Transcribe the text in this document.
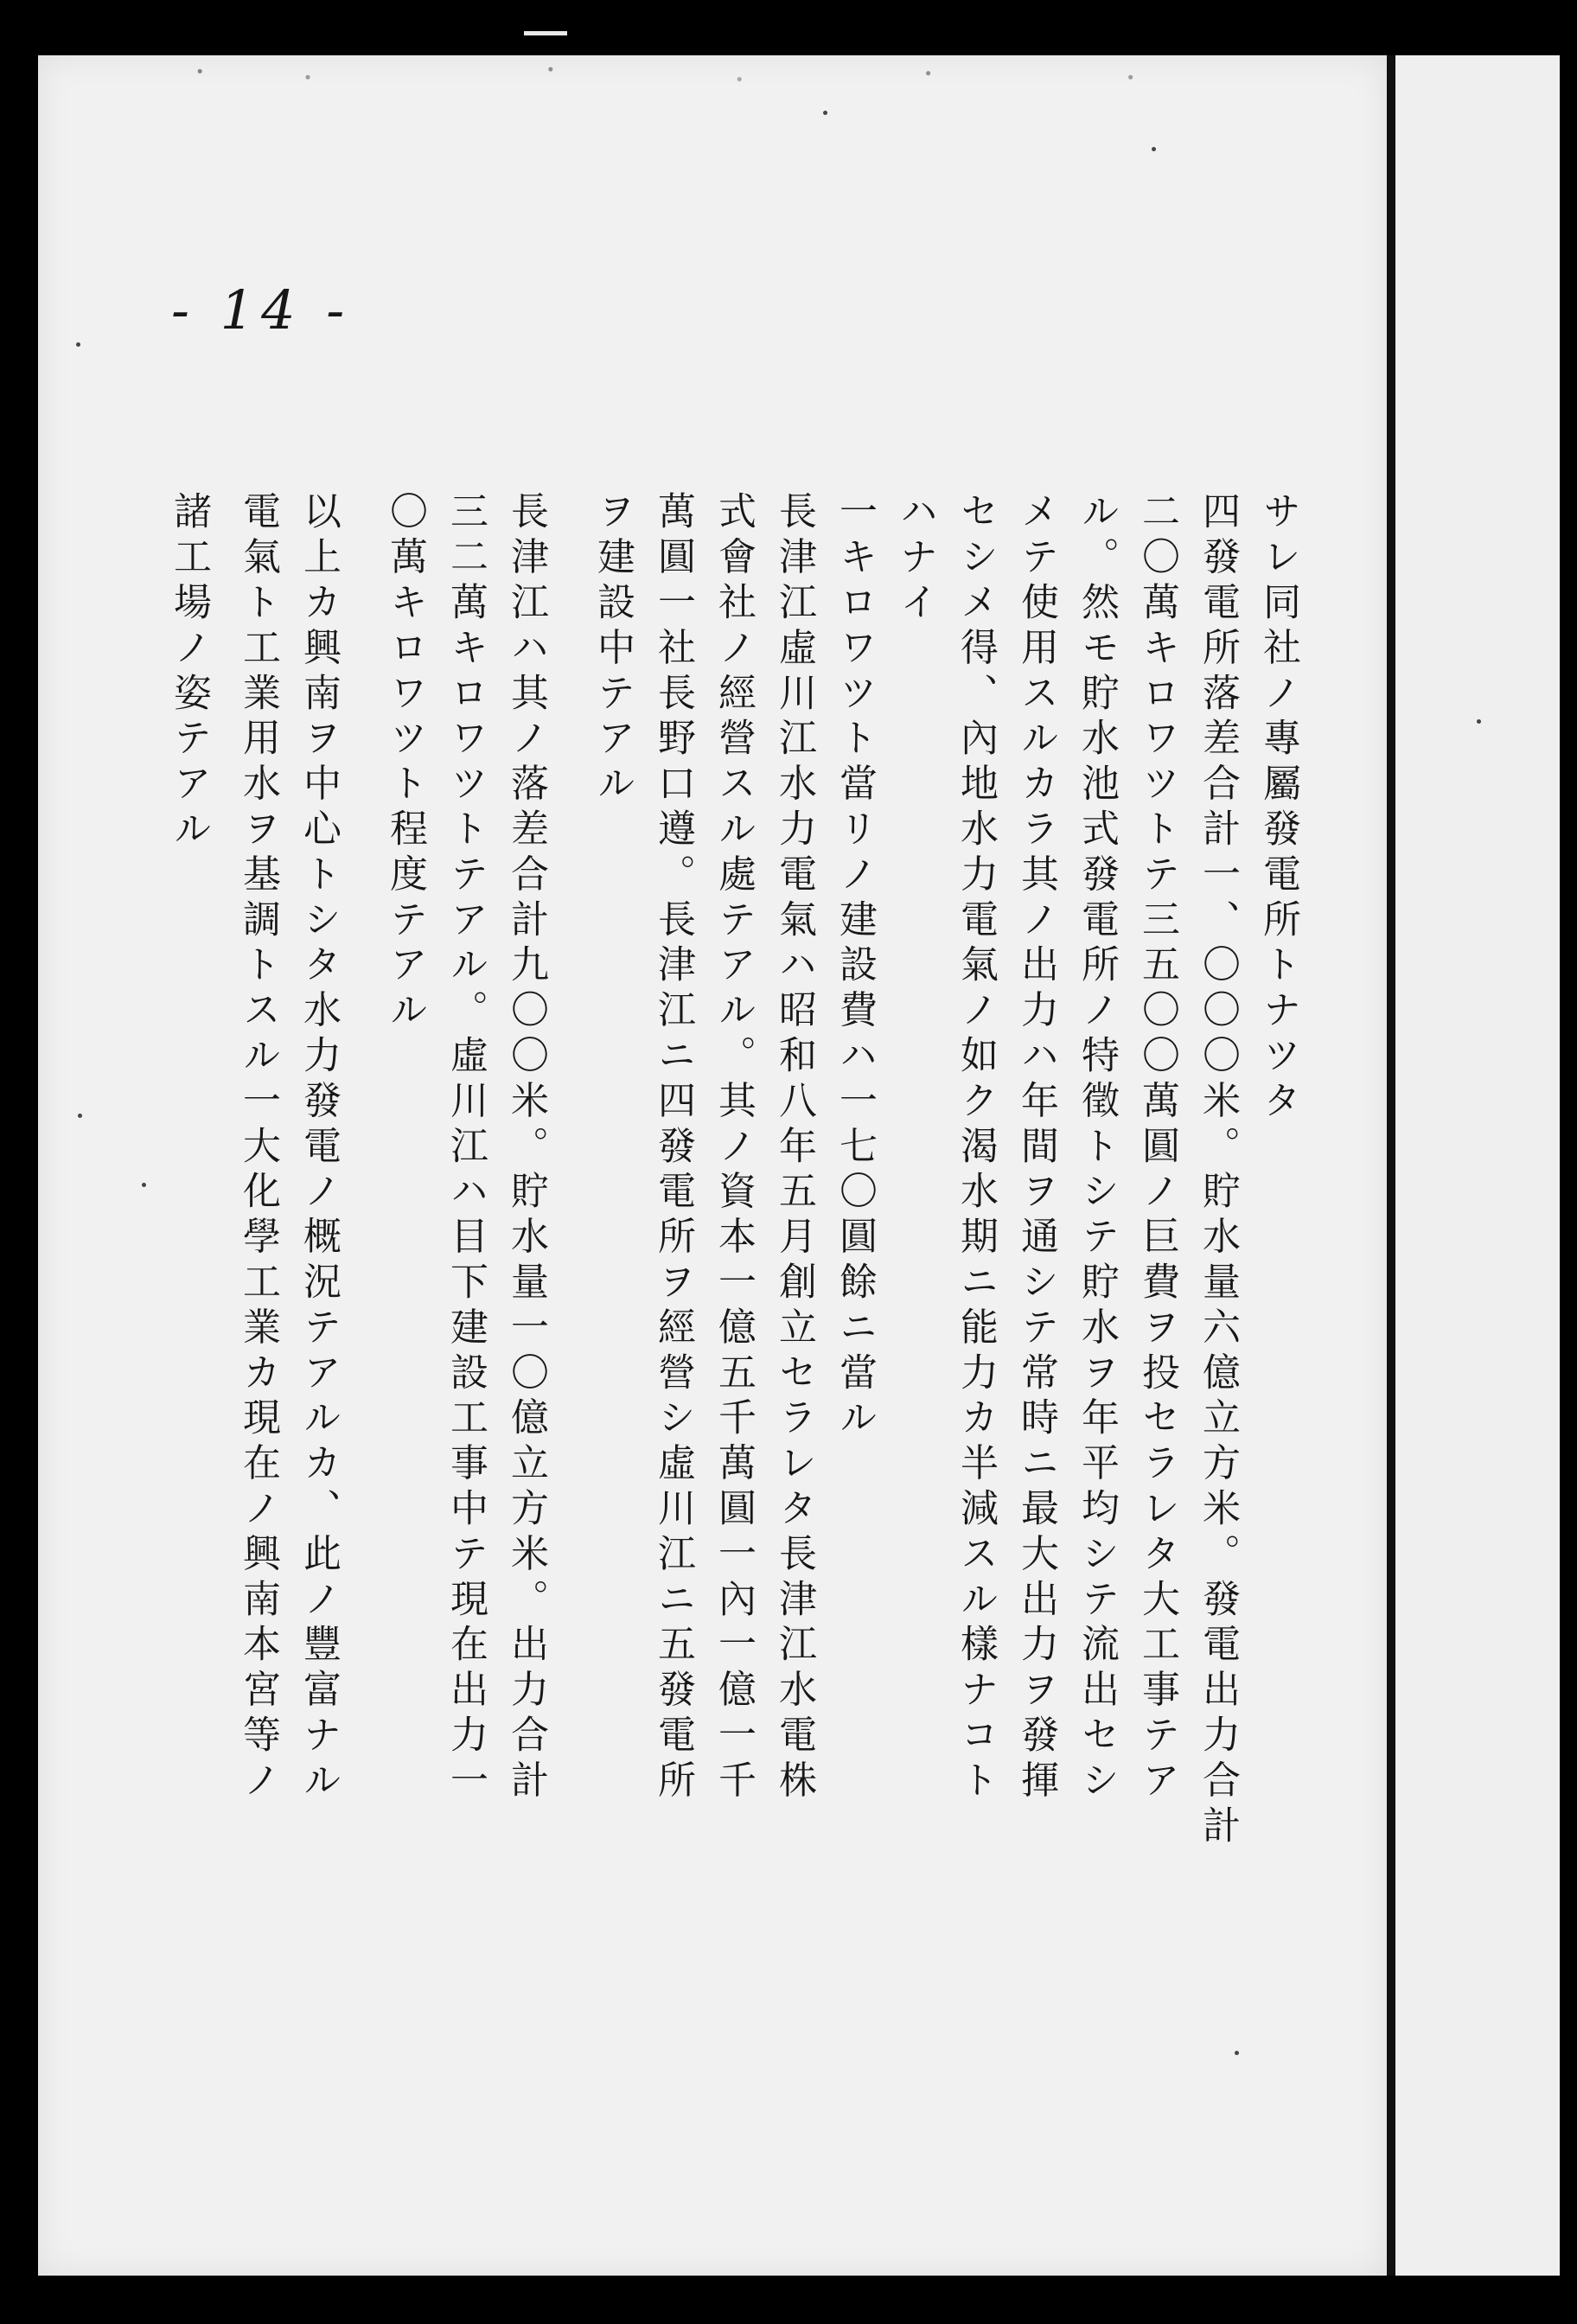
- 14 -
サレ同社ノ專屬發電所トナツタ
四發電所落差合計一、〇〇〇米。貯水量六億立方米。發電出力合計
二〇萬キロワツトテ三五〇〇萬圓ノ巨費ヲ投セラレタ大工事テア
ル。然モ貯水池式發電所ノ特徵トシテ貯水ヲ年平均シテ流出セシ
メテ使用スルカラ其ノ出力ハ年間ヲ通シテ常時ニ最大出力ヲ發揮
セシメ得、內地水力電氣ノ如ク渴水期ニ能力カ半減スル樣ナコト
ハナイ
一キロワツト當リノ建設費ハ一七〇圓餘ニ當ル
長津江虛川江水力電氣ハ昭和八年五月創立セラレタ長津江水電株
式會社ノ經營スル處テアル。其ノ資本一億五千萬圓一內一億一千
萬圓一社長野口遵。長津江ニ四發電所ヲ經營シ虛川江ニ五發電所
ヲ建設中テアル
長津江ハ其ノ落差合計九〇〇米。貯水量一〇億立方米。出力合計
三二萬キロワツトテアル。虛川江ハ目下建設工事中テ現在出力一
〇萬キロワツト程度テアル
以上カ興南ヲ中心トシタ水力發電ノ概況テアルカ、此ノ豐富ナル
電氣ト工業用水ヲ基調トスル一大化學工業カ現在ノ興南本宮等ノ
諸工場ノ姿テアル
